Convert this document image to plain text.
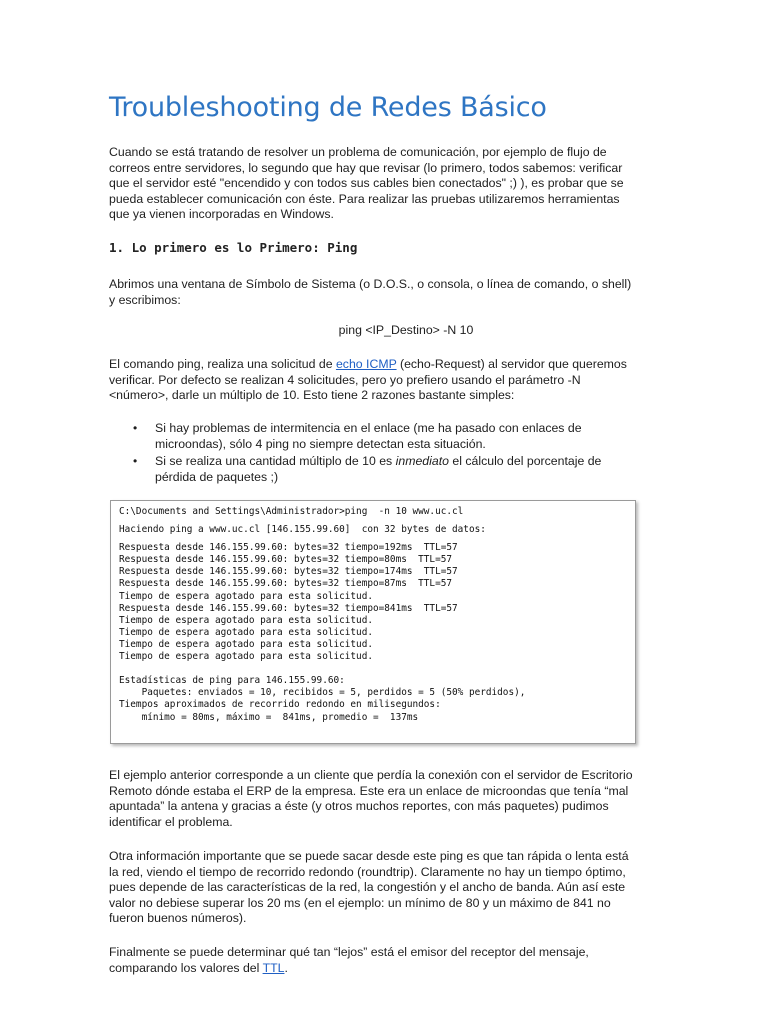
Troubleshooting de Redes Básico

Cuando se está tratando de resolver un problema de comunicación, por ejemplo de flujo de
correos entre servidores, lo segundo que hay que revisar (lo primero, todos sabemos: verificar
que el servidor esté "encendido y con todos sus cables bien conectados" ;) ), es probar que se
pueda establecer comunicación con éste. Para realizar las pruebas utilizaremos herramientas
que ya vienen incorporadas en Windows.

1. Lo primero es lo Primero: Ping

Abrimos una ventana de Símbolo de Sistema (o D.O.S., o consola, o línea de comando, o shell)
y escribimos:

ping <IP_Destino> -N 10

El comando ping, realiza una solicitud de echo ICMP (echo-Request) al servidor que queremos
verificar. Por defecto se realizan 4 solicitudes, pero yo prefiero usando el parámetro -N
<número>, darle un múltiplo de 10. Esto tiene 2 razones bastante simples:

• Si hay problemas de intermitencia en el enlace (me ha pasado con enlaces de
microondas), sólo 4 ping no siempre detectan esta situación.
• Si se realiza una cantidad múltiplo de 10 es inmediato el cálculo del porcentaje de
pérdida de paquetes ;)
C:\Documents and Settings\Administrador>ping  -n 10 www.uc.cl
Haciendo ping a www.uc.cl [146.155.99.60]  con 32 bytes de datos:
Respuesta desde 146.155.99.60: bytes=32 tiempo=192ms  TTL=57
Respuesta desde 146.155.99.60: bytes=32 tiempo=80ms  TTL=57
Respuesta desde 146.155.99.60: bytes=32 tiempo=174ms  TTL=57
Respuesta desde 146.155.99.60: bytes=32 tiempo=87ms  TTL=57
Tiempo de espera agotado para esta solicitud.
Respuesta desde 146.155.99.60: bytes=32 tiempo=841ms  TTL=57
Tiempo de espera agotado para esta solicitud.
Tiempo de espera agotado para esta solicitud.
Tiempo de espera agotado para esta solicitud.
Tiempo de espera agotado para esta solicitud.
Estadísticas de ping para 146.155.99.60:
Paquetes: enviados = 10, recibidos = 5, perdidos = 5 (50% perdidos),
Tiempos aproximados de recorrido redondo en milisegundos:
mínimo = 80ms, máximo =  841ms, promedio =  137ms

El ejemplo anterior corresponde a un cliente que perdía la conexión con el servidor de Escritorio
Remoto dónde estaba el ERP de la empresa. Este era un enlace de microondas que tenía “mal
apuntada” la antena y gracias a éste (y otros muchos reportes, con más paquetes) pudimos
identificar el problema.

Otra información importante que se puede sacar desde este ping es que tan rápida o lenta está
la red, viendo el tiempo de recorrido redondo (roundtrip). Claramente no hay un tiempo óptimo,
pues depende de las características de la red, la congestión y el ancho de banda. Aún así este
valor no debiese superar los 20 ms (en el ejemplo: un mínimo de 80 y un máximo de 841 no
fueron buenos números).

Finalmente se puede determinar qué tan “lejos” está el emisor del receptor del mensaje,
comparando los valores del TTL.
